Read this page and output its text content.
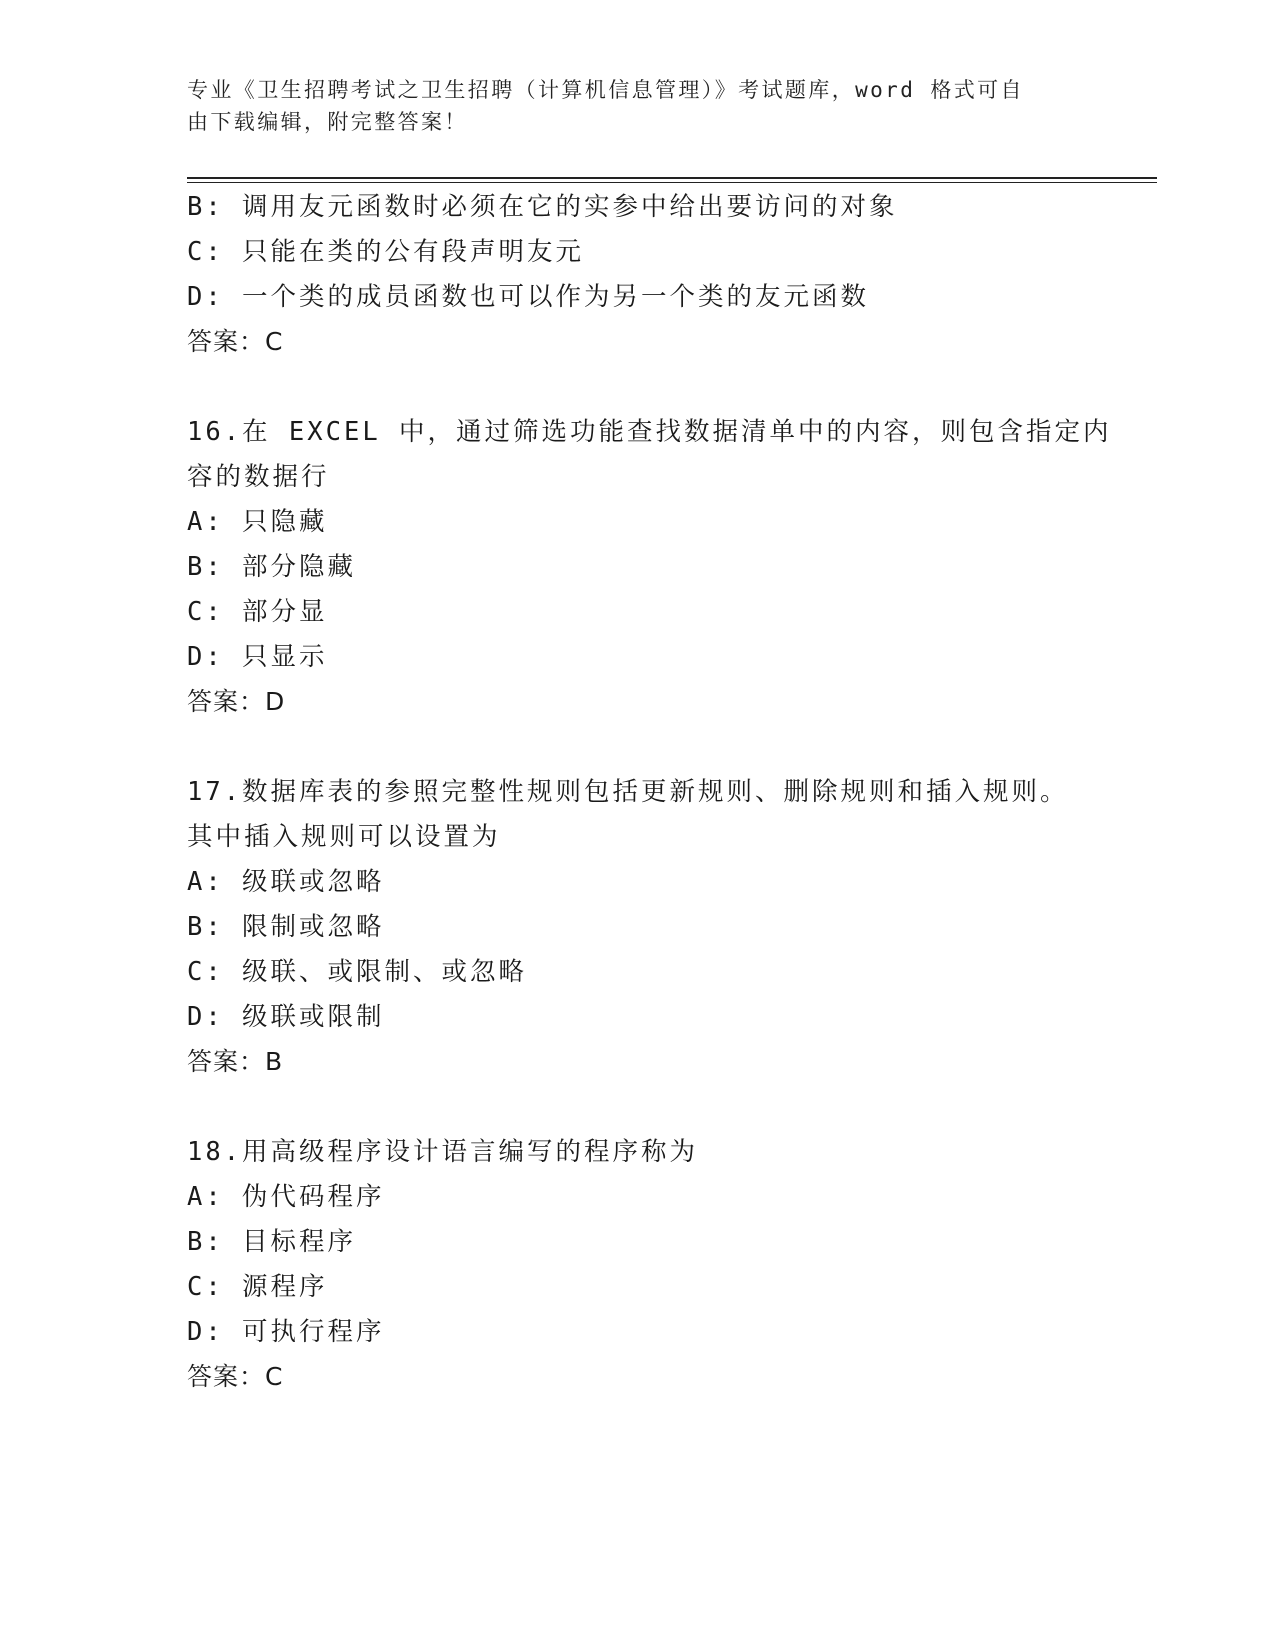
专业《卫生招聘考试之卫生招聘（计算机信息管理）》考试题库，word 格式可自
由下载编辑，附完整答案！
B: 调用友元函数时必须在它的实参中给出要访问的对象
C: 只能在类的公有段声明友元
D: 一个类的成员函数也可以作为另一个类的友元函数
答案：C
16.在 EXCEL 中，通过筛选功能查找数据清单中的内容，则包含指定内
容的数据行
A: 只隐藏
B: 部分隐藏
C: 部分显
D: 只显示
答案：D
17.数据库表的参照完整性规则包括更新规则、删除规则和插入规则。
其中插入规则可以设置为
A: 级联或忽略
B: 限制或忽略
C: 级联、或限制、或忽略
D: 级联或限制
答案：B
18.用高级程序设计语言编写的程序称为
A: 伪代码程序
B: 目标程序
C: 源程序
D: 可执行程序
答案：C
